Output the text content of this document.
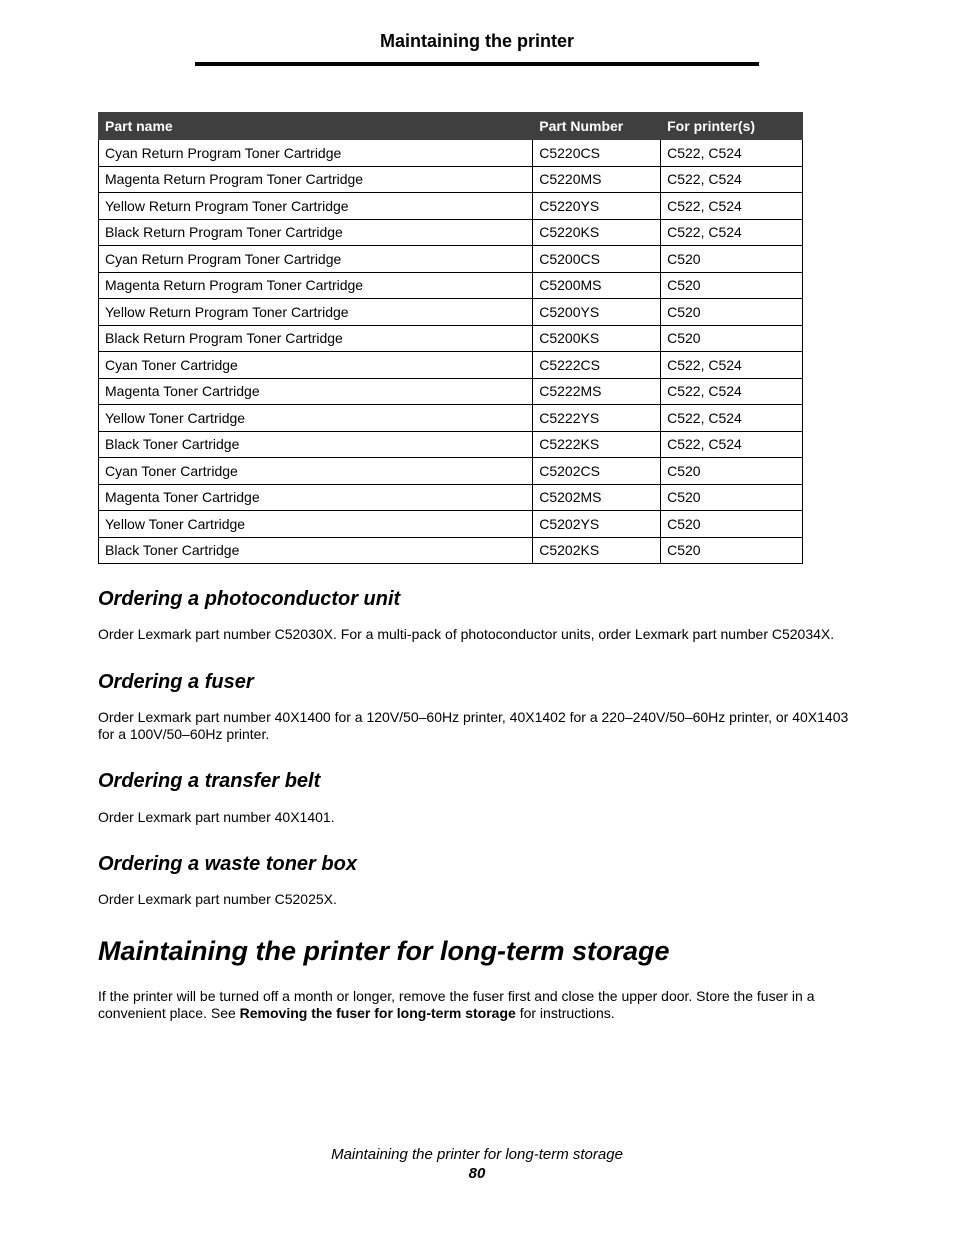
Maintaining the printer
Part name	Part Number	For printer(s)
Cyan Return Program Toner Cartridge	C5220CS	C522, C524
Magenta Return Program Toner Cartridge	C5220MS	C522, C524
Yellow Return Program Toner Cartridge	C5220YS	C522, C524
Black Return Program Toner Cartridge	C5220KS	C522, C524
Cyan Return Program Toner Cartridge	C5200CS	C520
Magenta Return Program Toner Cartridge	C5200MS	C520
Yellow Return Program Toner Cartridge	C5200YS	C520
Black Return Program Toner Cartridge	C5200KS	C520
Cyan Toner Cartridge	C5222CS	C522, C524
Magenta Toner Cartridge	C5222MS	C522, C524
Yellow Toner Cartridge	C5222YS	C522, C524
Black Toner Cartridge	C5222KS	C522, C524
Cyan Toner Cartridge	C5202CS	C520
Magenta Toner Cartridge	C5202MS	C520
Yellow Toner Cartridge	C5202YS	C520
Black Toner Cartridge	C5202KS	C520
Ordering a photoconductor unit
Order Lexmark part number C52030X. For a multi-pack of photoconductor units, order Lexmark part number C52034X.
Ordering a fuser
Order Lexmark part number 40X1400 for a 120V/50–60Hz printer, 40X1402 for a 220–240V/50–60Hz printer, or 40X1403 for a 100V/50–60Hz printer.
Ordering a transfer belt
Order Lexmark part number 40X1401.
Ordering a waste toner box
Order Lexmark part number C52025X.
Maintaining the printer for long-term storage
If the printer will be turned off a month or longer, remove the fuser first and close the upper door. Store the fuser in a convenient place. See Removing the fuser for long-term storage for instructions.
Maintaining the printer for long-term storage
80
